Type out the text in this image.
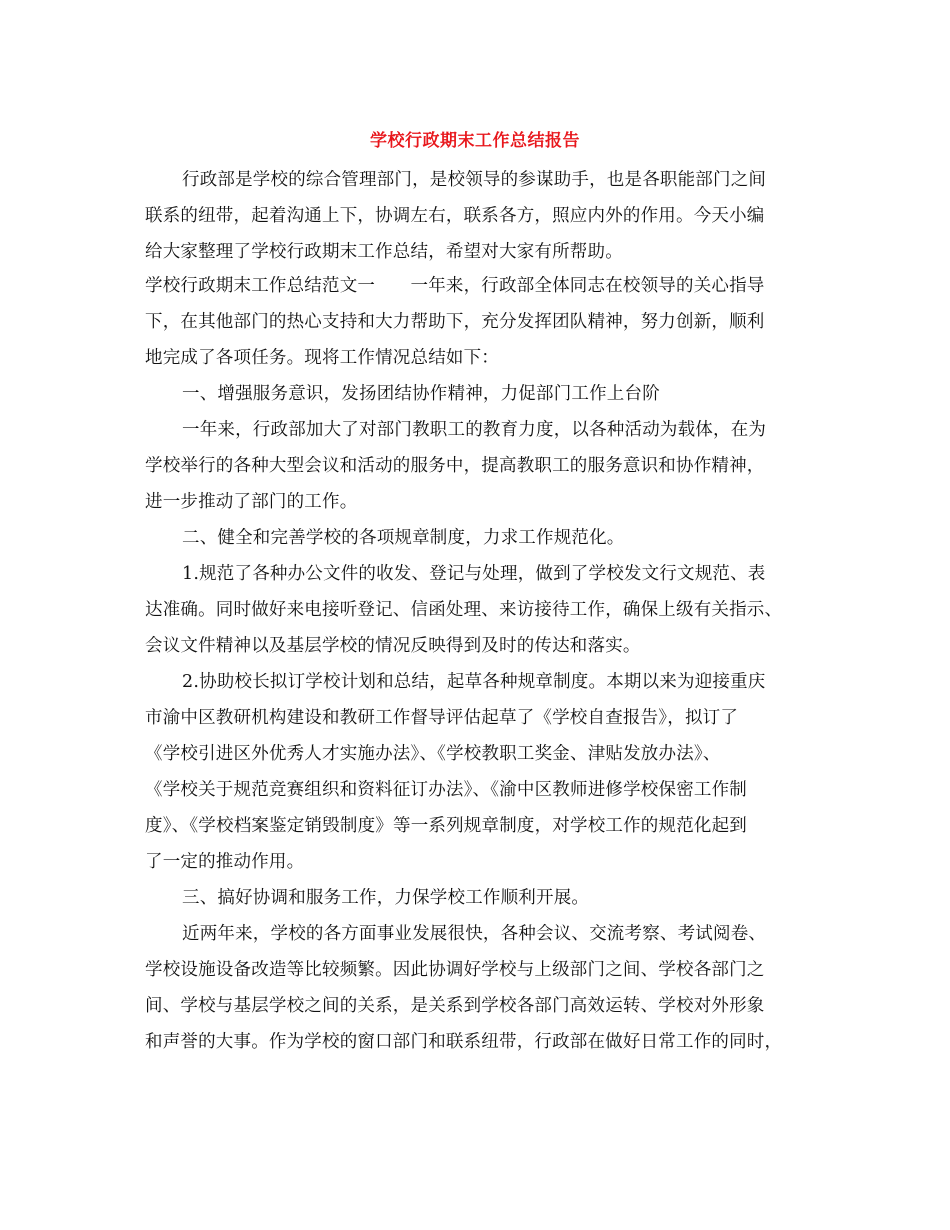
学校行政期末工作总结报告
行政部是学校的综合管理部门，是校领导的参谋助手，也是各职能部门之间
联系的纽带，起着沟通上下，协调左右，联系各方，照应内外的作用。今天小编
给大家整理了学校行政期末工作总结，希望对大家有所帮助。
学校行政期末工作总结范文一　　一年来，行政部全体同志在校领导的关心指导
下，在其他部门的热心支持和大力帮助下，充分发挥团队精神，努力创新，顺利
地完成了各项任务。现将工作情况总结如下：
一、增强服务意识，发扬团结协作精神，力促部门工作上台阶
一年来，行政部加大了对部门教职工的教育力度，以各种活动为载体，在为
学校举行的各种大型会议和活动的服务中，提高教职工的服务意识和协作精神，
进一步推动了部门的工作。
二、健全和完善学校的各项规章制度，力求工作规范化。
1.规范了各种办公文件的收发、登记与处理，做到了学校发文行文规范、表
达准确。同时做好来电接听登记、信函处理、来访接待工作，确保上级有关指示、
会议文件精神以及基层学校的情况反映得到及时的传达和落实。
2.协助校长拟订学校计划和总结，起草各种规章制度。本期以来为迎接重庆
市渝中区教研机构建设和教研工作督导评估起草了《学校自查报告》，拟订了
《学校引进区外优秀人才实施办法》、《学校教职工奖金、津贴发放办法》、
《学校关于规范竞赛组织和资料征订办法》、《渝中区教师进修学校保密工作制
度》、《学校档案鉴定销毁制度》等一系列规章制度，对学校工作的规范化起到
了一定的推动作用。
三、搞好协调和服务工作，力保学校工作顺利开展。
近两年来，学校的各方面事业发展很快，各种会议、交流考察、考试阅卷、
学校设施设备改造等比较频繁。因此协调好学校与上级部门之间、学校各部门之
间、学校与基层学校之间的关系，是关系到学校各部门高效运转、学校对外形象
和声誉的大事。作为学校的窗口部门和联系纽带，行政部在做好日常工作的同时，
